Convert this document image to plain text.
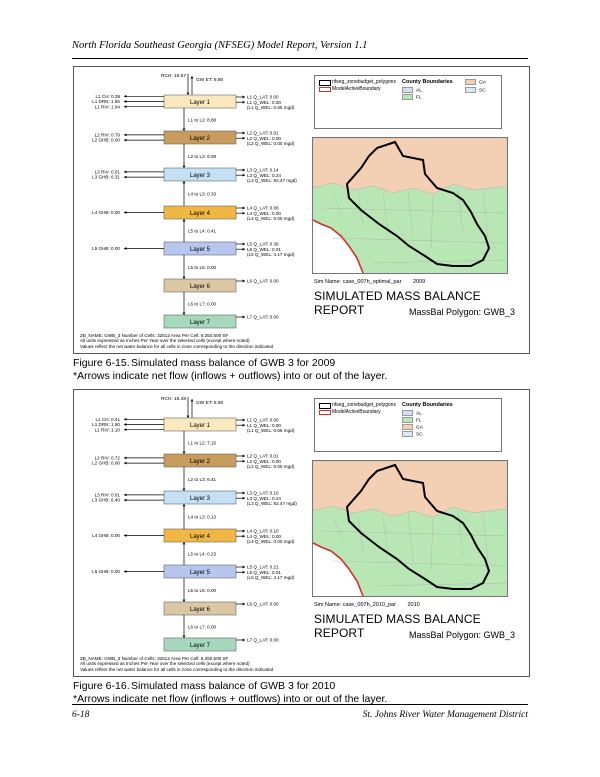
North Florida Southeast Georgia (NFSEG) Model Report, Version 1.1
RCH: 16.67
GW ET: 8.80
Layer 1
L1 CH: 0.39
L1 DRN: 1.56
L1 RIV: 1.04
L1 Q_LAT: 0.00
L1 Q_WEL: 0.00
(L1 Q_WEL: 0.65 mgd)
Layer 2
L2 RIV: 0.79
L2 GHB: 0.00
L2 Q_LAT: 0.01
L2 Q_WEL: 0.00
(L2 Q_WEL: 0.00 mgd)
Layer 3
L3 RIV: 0.01
L3 GHB: 6.31
L3 Q_LAT: 0.14
L3 Q_WEL: 0.24
(L3 Q_WEL: 82.47 mgd)
Layer 4
L4 GHB: 0.00
L4 Q_LAT: 0.08
L4 Q_WEL: 0.00
(L4 Q_WEL: 0.00 mgd)
Layer 5
L5 GHB: 0.00
L5 Q_LAT: 0.39
L5 Q_WEL: 0.01
(L5 Q_WEL: 4.17 mgd)
Layer 6
L6 Q_LAT: 0.00
Layer 7
L7 Q_LAT: 0.00
L1 to L2: 8.88
L2 to L3: 6.08
L4 to L3: 0.33
L5 to L4: 0.41
L5 to L6: 0.00
L6 to L7: 0.00
nfseg_zonebudget_polygons
ModelActiveBoundary
County Boundaries
AL
FL
GA
SC
Sim Name: case_007h_optimal_par 2009
SIMULATED MASS BALANCE REPORT	MassBal Polygon: GWB_3
ZB_NAME: GWB_3 Number of Cells: 32612 Area Per Cell: 6,250,500 SF
All units expressed as Inches Per Year over the selected cells (except where noted)
Values reflect the net water balance for all cells in zone corresponding to the direction indicated
Figure 6-15.Simulated mass balance of GWB 3 for 2009
*Arrows indicate net flow (inflows + outflows) into or out of the layer.
RCH: 16.48
GW ET: 5.90
Layer 1
L1 CH: 0.41
L1 DRN: 1.50
L1 RIV: 1.10
L1 Q_LAT: 0.00
L1 Q_WEL: 0.00
(L1 Q_WEL: 0.65 mgd)
Layer 2
L2 RIV: 0.72
L2 GHB: 0.00
L2 Q_LAT: 0.01
L2 Q_WEL: 0.00
(L2 Q_WEL: 0.00 mgd)
Layer 3
L3 RIV: 0.01
L3 GHB: 6.40
L3 Q_LAT: 0.10
L3 Q_WEL: 0.24
(L3 Q_WEL: 82.47 mgd)
Layer 4
L4 GHB: 0.00
L4 Q_LAT: 0.10
L4 Q_WEL: 0.00
(L4 Q_WEL: 0.00 mgd)
Layer 5
L5 GHB: 0.00
L5 Q_LAT: 0.21
L5 Q_WEL: 0.01
(L5 Q_WEL: 4.17 mgd)
Layer 6
L6 Q_LAT: 0.00
Layer 7
L7 Q_LAT: 0.00
L1 to L2: 7.15
L2 to L3: 6.41
L4 to L3: 0.13
L5 to L4: 0.23
L5 to L6: 0.00
L6 to L7: 0.00
nfseg_zonebudget_polygons
ModelActiveBoundary
County Boundaries
AL
FL
GA
SC
Sim Name: case_007h_2010_par 2010
SIMULATED MASS BALANCE REPORT	MassBal Polygon: GWB_3
ZB_NAME: GWB_3 Number of Cells: 32612 Area Per Cell: 6,250,500 SF
All units expressed as Inches Per Year over the selected cells (except where noted)
Values reflect the net water balance for all cells in zone corresponding to the direction indicated
Figure 6-16.Simulated mass balance of GWB 3 for 2010
*Arrows indicate net flow (inflows + outflows) into or out of the layer.
6-18	St. Johns River Water Management District
